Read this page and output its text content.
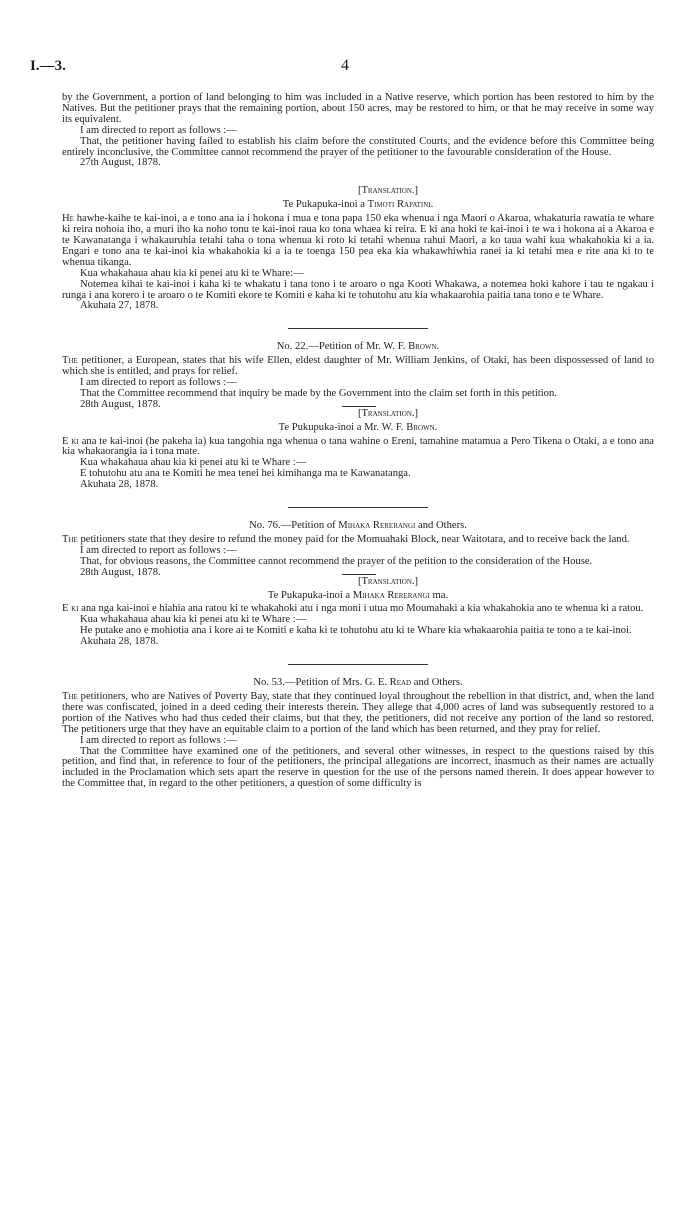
I.—3.	4

by the Government, a portion of land belonging to him was included in a Native reserve, which portion has been restored to him by the Natives. But the petitioner prays that the remaining portion, about 150 acres, may be restored to him, or that he may receive in some way its equivalent.

I am directed to report as follows :—

That, the petitioner having failed to establish his claim before the constituted Courts, and the evidence before this Committee being entirely inconclusive, the Committee cannot recommend the prayer of the petitioner to the favourable consideration of the House.

27th August, 1878.

[Translation.]

Te Pukapuka-inoi a Timoti Rapatini.

He hawhe-kaihe te kai-inoi, a e tono ana ia i hokona i mua e tona papa 150 eka whenua i nga Maori o Akaroa, whakaturia rawatia te whare ki reira nohoia iho, a muri iho ka noho tonu te kai-inoi raua ko tona whaea ki reira. E ki ana hoki te kai-inoi i te wa i hokona ai a Akaroa e te Kawanatanga i whakauruhia tetahi taha o tona whenua ki roto ki tetahi whenua rahui Maori, a ko taua wahi kua whakahokia ki a ia. Engari e tono ana te kai-inoi kia whakahokia ki a ia te toenga 150 pea eka kia whakawhiwhia ranei ia ki tetahi mea e rite ana ki to te whenua tikanga.

Kua whakahaua ahau kia ki penei atu ki te Whare:—

Notemea kihai te kai-inoi i kaha ki te whakatu i tana tono i te aroaro o nga Kooti Whakawa, a notemea hoki kahore i tau te ngakau i runga i ana korero i te aroaro o te Komiti ekore te Komiti e kaha ki te tohutohu atu kia whakaarohia paitia tana tono e te Whare.

Akuhata 27, 1878.

No. 22.—Petition of Mr. W. F. Brown.

The petitioner, a European, states that his wife Ellen, eldest daughter of Mr. William Jenkins, of Otaki, has been dispossessed of land to which she is entitled, and prays for relief.

I am directed to report as follows :—

That the Committee recommend that inquiry be made by the Government into the claim set forth in this petition.

28th August, 1878.

[Translation.]

Te Pukupuka-inoi a Mr. W. F. Brown.

E ki ana te kai-inoi (he pakeha ia) kua tangohia nga whenua o tana wahine o Ereni, tamahine matamua a Pero Tikena o Otaki, a e tono ana kia whakaorangia ia i tona mate.

Kua whakahaua ahau kia ki penei atu ki te Whare :—

E tohutohu atu ana te Komiti he mea tenei hei kimihanga ma te Kawanatanga.

Akuhata 28, 1878.

No. 76.—Petition of Mihaka Rererangi and Others.

The petitioners state that they desire to refund the money paid for the Momuahaki Block, near Waitotara, and to receive back the land.

I am directed to report as follows :—

That, for obvious reasons, the Committee cannot recommend the prayer of the petition to the consideration of the House.

28th August, 1878.

[Translation.]

Te Pukapuka-inoi a Mihaka Rererangi ma.

E ki ana nga kai-inoi e hiahia ana ratou ki te whakahoki atu i nga moni i utua mo Moumahaki a kia whakahokia ano te whenua ki a ratou.

Kua whakahaua ahau kia ki penei atu ki te Whare :—

He putake ano e mohiotia ana i kore ai te Komiti e kaha ki te tohutohu atu ki te Whare kia whakaarohia paitia te tono a te kai-inoi.

Akuhata 28, 1878.

No. 53.—Petition of Mrs. G. E. Read and Others.

The petitioners, who are Natives of Poverty Bay, state that they continued loyal throughout the rebellion in that district, and, when the land there was confiscated, joined in a deed ceding their interests therein. They allege that 4,000 acres of land was subsequently restored to a portion of the Natives who had thus ceded their claims, but that they, the petitioners, did not receive any portion of the land so restored. The petitioners urge that they have an equitable claim to a portion of the land which has been returned, and they pray for relief.

I am directed to report as follows :—

That the Committee have examined one of the petitioners, and several other witnesses, in respect to the questions raised by this petition, and find that, in reference to four of the petitioners, the principal allegations are incorrect, inasmuch as their names are actually included in the Proclamation which sets apart the reserve in question for the use of the persons named therein. It does appear however to the Committee that, in regard to the other petitioners, a question of some difficulty is
